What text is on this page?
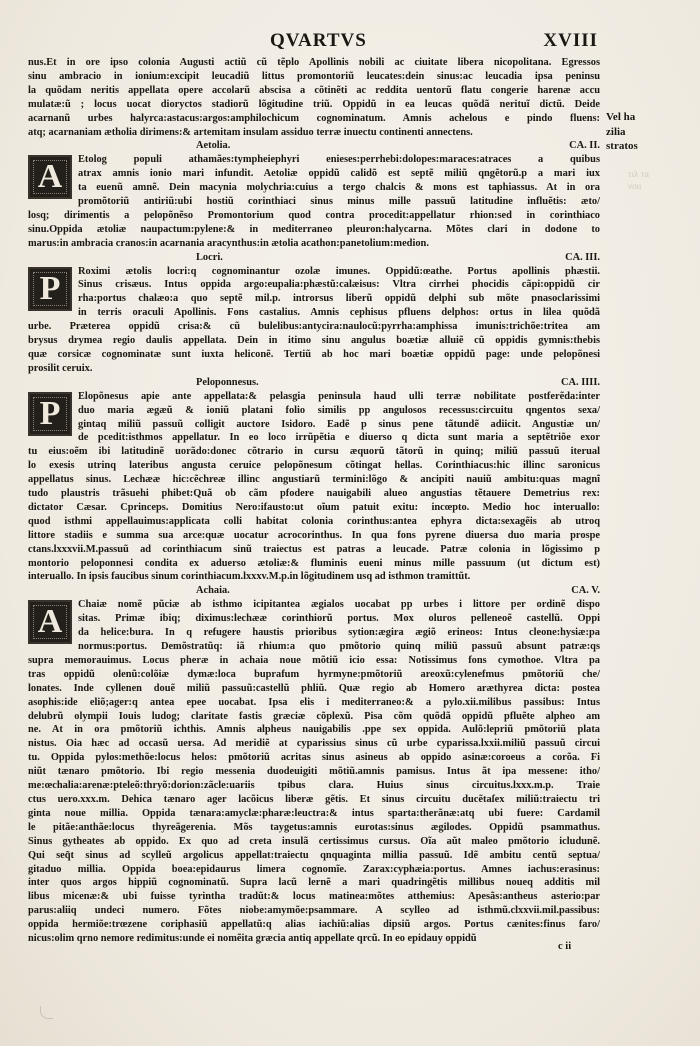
QVARTVS	XVIII
Vel ha
zilia
stratos
τιλ τα
νοιι
nus.Et in ore ipso colonia Augusti actiũ cũ tẽplo Apollinis nobili ac ciuitate libera nicopolitana. Egressos
sinu ambracio in ionium:excipit leucadiũ littus promontoriũ leucates:dein sinus:ac leucadia ipsa peninsu
la quõdam neritis appellata opere accolarũ abscisa a cõtinẽti ac reddita uentorũ flatu congerie harenæ accu
mulatæ:ũ ; locus uocat dioryctos stadiorũ lõgitudine triũ. Oppidũ in ea leucas quõdã nerituĩ dictũ. Deide
acarnanũ urbes halyrca:astacus:argos:amphilochicum cognominatum. Amnis achelous e pindo fluens:
atq; acarnaniam ætholia dirimens:& artemitam insulam assiduo terræ inuectu continenti annectens.
Aetolia.	CA. II.
A	Etolog populi athamães:tympheiephyri enieses:perrhebi:dolopes:maraces:atraces a quibus
atrax amnis ionio mari infundit. Aetoliæ oppidũ calidõ est septẽ miliũ qngẽtorũ.p a mari iux
ta euenũ amnẽ. Dein macynia molychria:cuius a tergo chalcis & mons est taphiassus. At in ora
promõtoriũ antiriũ:ubi hostiũ corinthiaci sinus minus mille passuũ latitudine influẽtis: æto/
losq; dirimentis a pelopõnẽso Promontorium quod contra procedit:appellatur rhion:sed in corinthiaco
sinu.Oppida ætoliæ naupactum:pylene:& in mediterraneo pleuron:halycarna. Mõtes clari in dodone to
marus:in ambracia cranos:in acarnania aracynthus:in ætolia acathon:panetolium:medion.
Locri.	CA. III.
P	Roximi ætolis locri:q cognominantur ozolæ imunes. Oppidũ:œathe. Portus apollinis phæstii.
Sinus crisæus. Intus oppida argo:eupalia:phæstũ:calæisus: Vltra cirrhei phocidis cãpi:oppidũ cir
rha:portus chalæo:a quo septẽ mil.p. introrsus liberũ oppidũ delphi sub mõte pnasoclarissimi
in terris oraculi Apollinis. Fons castalius. Amnis cephisus pfluens delphos: ortus in lilea quõdã
urbe. Præterea oppidũ crisa:& cũ bulelibus:antycira:naulocũ:pyrrha:amphissa imunis:trichõe:tritea am
brysus drymea regio daulis appellata. Dein in itimo sinu angulus boætiæ alluiẽ cũ oppidis gymnis:thebis
quæ corsicæ cognominatæ sunt iuxta heliconẽ. Tertiũ ab hoc mari boætiæ oppidũ page: unde pelopõnesi
prosilit ceruix.
Peloponnesus.	CA. IIII.
P	Elopõnesus apie ante appellata:& pelasgia peninsula haud ulli terræ nobilitate postferẽda:inter
duo maria ægæũ & ioniũ platani folio similis pp angulosos recessus:circuitu qngentos sexa/
gintaq miliũ passuũ colligit auctore Isidoro. Eadẽ p sinus pene tãtundẽ adiicit. Angustiæ un/
de pcedit:isthmos appellatur. In eo loco irrũpẽtia e diuerso q dicta sunt maria a septẽtriõe exor
tu eius:oẽm ibi latitudinẽ uorãdo:donec cõtrario in cursu æquorũ tãtorũ in quinq; miliũ passuũ iterual
lo exesis utrinq lateribus angusta ceruice pelopõnesum cõtingat hellas. Corinthiacus:hic illinc saronicus
appellatus sinus. Lechææ hic:cẽchreæ illinc angustiarũ termini:lõgo & ancipiti nauiũ ambitu:quas magnĩ
tudo plaustris trãsuehi phibet:Quã ob cãm pfodere nauigabili alueo angustias tẽtauere Demetrius rex:
dictator Cæsar. Cprinceps. Domitius Nero:ifausto:ut oĩum patuit exitu: incœpto. Medio hoc interuallo:
quod isthmi appellauimus:applicata colli habitat colonia corinthus:antea ephyra dicta:sexagẽis ab utroq
littore stadiis e summa sua arce:quæ uocatur acrocorinthus. In qua fons pyrene diuersa duo maria prospe
ctans.lxxxvii.M.passuũ ad corinthiacum sinũ traiectus est patras a leucade. Patræ colonia in lõgissimo p
montorio peloponnesi condita ex aduerso ætoliæ:& fluminis eueni minus mille passuum (ut dictum est)
interuallo. In ipsis faucibus sinum corinthiacum.lxxxv.M.p.in lõgitudinem usq ad isthmon tramittũt.
Achaia.	CA. V.
A	Chaiæ nomẽ pũciæ ab isthmo icipitantea ægialos uocabat pp urbes i littore per ordinẽ dispo
sitas. Primæ ibiq; diximus:lechææ corinthiorũ portus. Mox oluros pelleneoẽ castellũ. Oppi
da helice:bura. In q refugere haustis prioribus sytion:ægira ægiõ erineos: Intus cleone:hysiæ:pa
normus:portus. Demõstratũq: iã rhium:a quo pmõtorio quinq miliũ passuũ absunt patræ:qs
supra memorauimus. Locus pheræ in achaia noue mõtiũ icio essa: Notissimus fons cymothoe. Vltra pa
tras oppidũ olenũ:colõiæ dymæ:loca buprafum hyrmyne:pmõtoriũ areoxũ:cylenefmus pmõtoriũ che/
lonates. Inde cyllenen douẽ miliũ passuũ:castellũ phliũ. Quæ regio ab Homero aræthyrea dicta: postea
asophis:ide eliõ;ager:q antea epee uocabat. Ipsa elis i mediterraneo:& a pylo.xii.milibus passibus: Intus
delubrũ olympii Iouis ludog; claritate fastis græciæ cõplexũ. Pisa cõm quõdã oppidũ pfluẽte alpheo am
ne. At in ora pmõtoriũ ichthis. Amnis alpheus nauigabilis .ppe sex oppida. Aulõ:lepriũ pmõtoriũ plata
nistus. Oia hæc ad occasũ uersa. Ad meridiẽ at cyparissius sinus cũ urbe cyparissa.lxxii.miliũ passuũ circui
tu. Oppida pylos:methõe:locus helos: pmõtoriũ acritas sinus asineus ab oppido asinæ:coroeus a corõa. Fi
niũt tænaro pmõtorio. Ibi regio messenia duodeuigiti mõtiũ.amnis pamisus. Intus ãt ipa messene: itho/
me:œchalia:arenæ:pteleõ:thryõ:dorion:zãcle:uariis tpibus clara. Huius sinus circuitus.lxxx.m.p. Traie
ctus uero.xxx.m. Dehica tænaro ager lacõicus liberæ gẽtis. Et sinus circuitu ducẽtaſex miliũ:traiectu tri
ginta noue millia. Oppida tænara:amyclæ:pharæ:leuctra:& intus sparta:therãnæ:atq ubi fuere: Cardamil
le pitãe:anthãe:locus thyreãgerenia. Mõs taygetus:amnis eurotas:sinus ægilodes. Oppidũ psammathus.
Sinus gytheates ab oppido. Ex quo ad creta insulã certissimus cursus. Oĩa aũt maleo pmõtorio icludunẽ.
Qui seq̃t sinus ad scylleũ argolicus appellat:traiectu qnquaginta millia passuũ. Idẽ ambitu centũ septua/
gitaduo millia. Oppida boea:epidaurus limera cognomĩe. Zarax:cyphæia:portus. Amnes iachus:erasinus:
inter quos argos hippiũ cognominatũ. Supra lacũ lernẽ a mari quadringẽtis millibus noueq additis mil
libus micenæ:& ubi fuisse tyrintha tradũt:& locus matinea:mõtes atthemius: Apesãs:antheus asterio:par
parus:aliiq undeci numero. Fõtes niobe:amymõe:psammare. A scylleo ad isthmũ.clxxvii.mil.passibus:
oppida hermiõe:trœzene coriphasiũ appellatũ:q alias iachiũ:alias dipsiũ argos. Portus cænites:finus faro/
nicus:olim qrno nemore redimitus:unde ei nomẽita græcia antiq appellate qrcũ. In eo epidauy oppidũ
c ii
